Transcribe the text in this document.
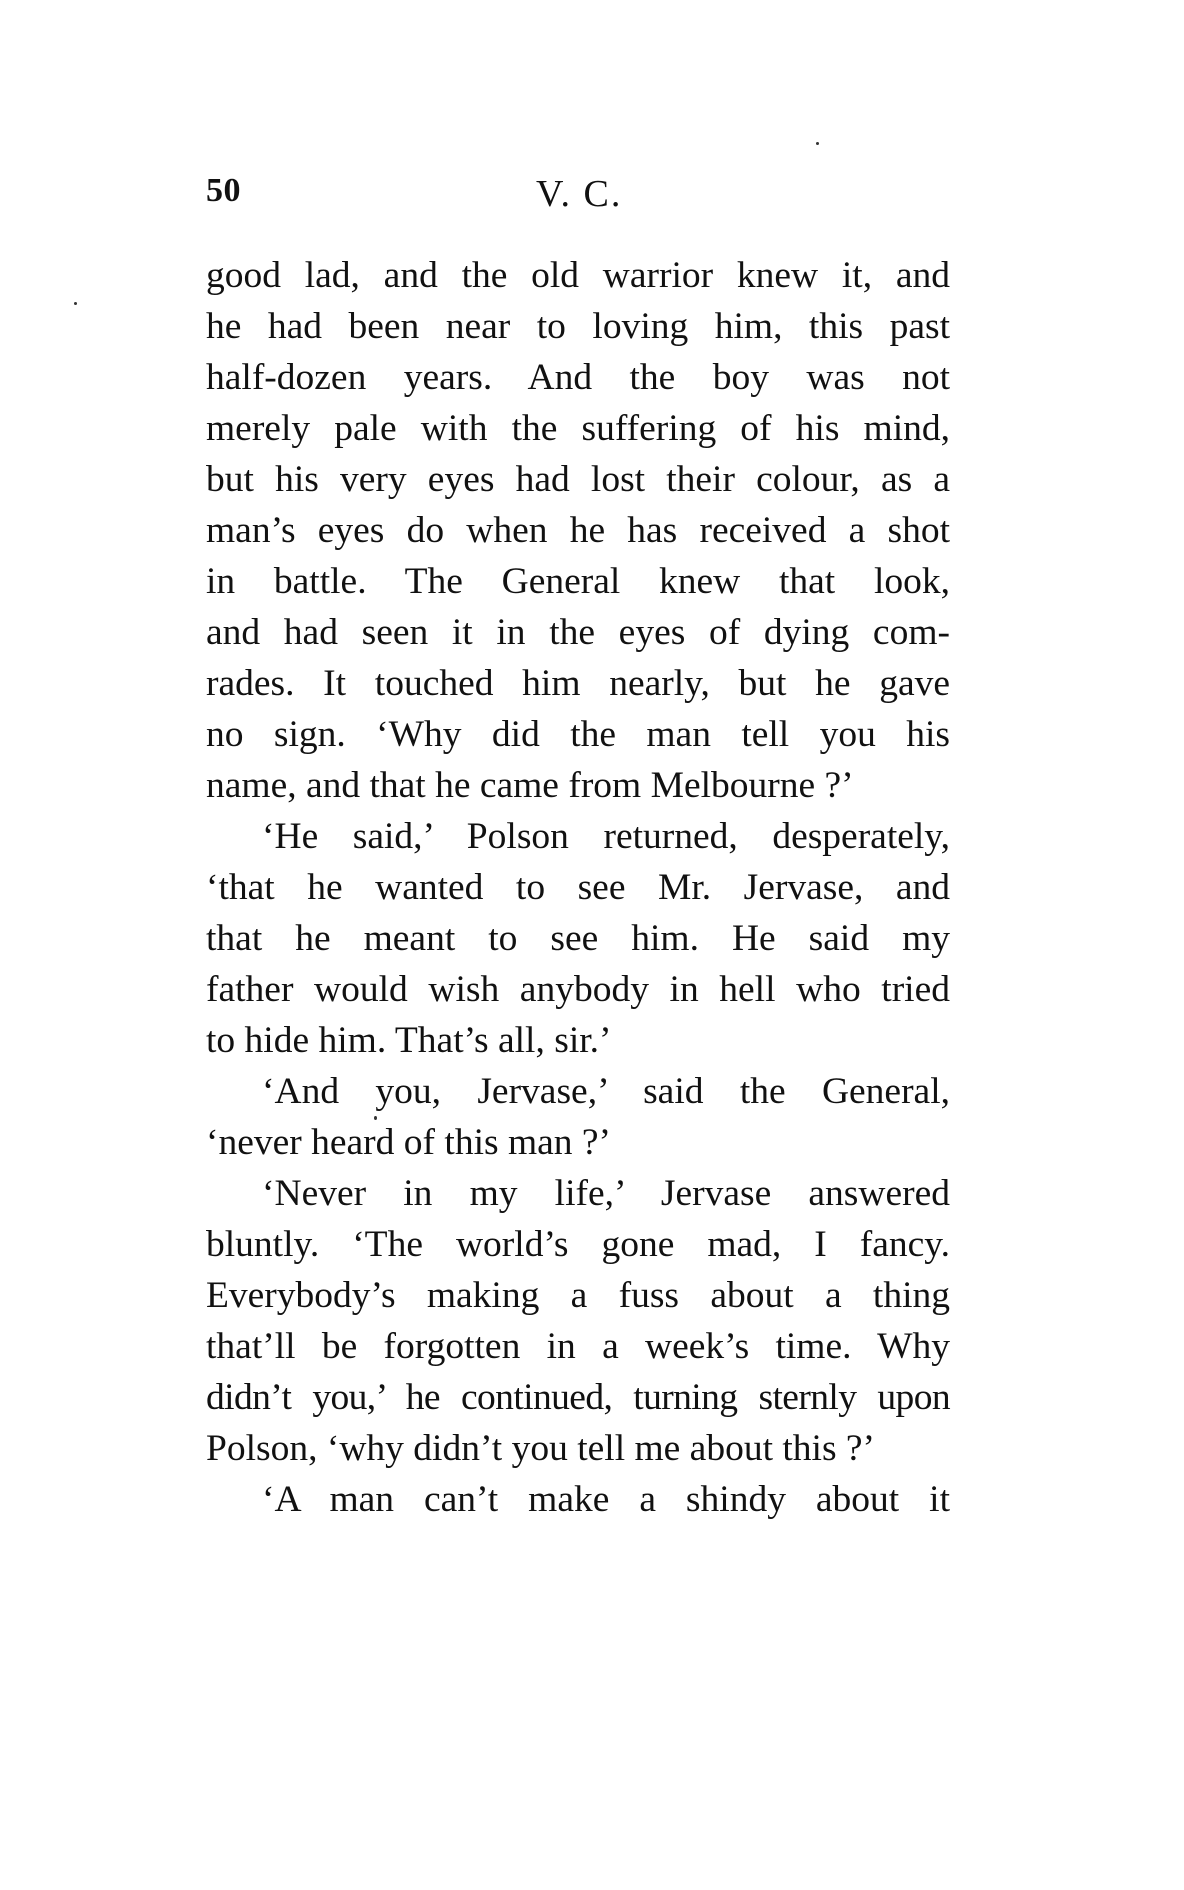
50	V. C.
good lad, and the old warrior knew it, and
he had been near to loving him, this past
half-dozen years. And the boy was not
merely pale with the suffering of his mind,
but his very eyes had lost their colour, as a
man’s eyes do when he has received a shot
in battle. The General knew that look,
and had seen it in the eyes of dying com-
rades. It touched him nearly, but he gave
no sign. ‘Why did the man tell you his
name, and that he came from Melbourne ?’
‘He said,’ Polson returned, desperately,
‘that he wanted to see Mr. Jervase, and
that he meant to see him. He said my
father would wish anybody in hell who tried
to hide him. That’s all, sir.’
‘And you, Jervase,’ said the General,
‘never heard of this man ?’
‘Never in my life,’ Jervase answered
bluntly. ‘The world’s gone mad, I fancy.
Everybody’s making a fuss about a thing
that’ll be forgotten in a week’s time. Why
didn’t you,’ he continued, turning sternly upon
Polson, ‘why didn’t you tell me about this ?’
‘A man can’t make a shindy about it
